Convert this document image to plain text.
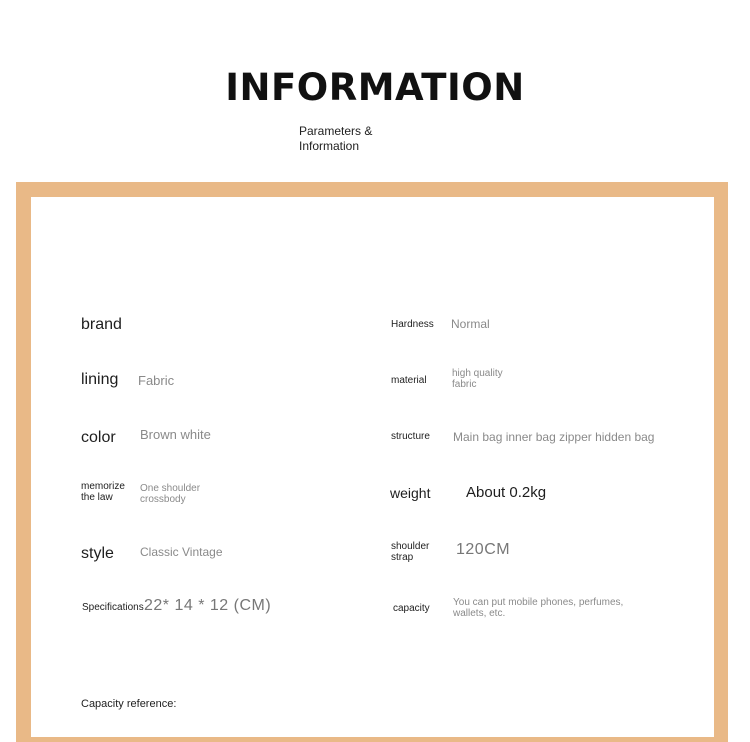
INFORMATION
Parameters &
Information
brand
lining Fabric
color Brown white
memorize
the law
One shoulder
crossbody
style Classic Vintage
Specifications 22* 14 * 12 (CM)
Hardness Normal
material
high quality
fabric
structure Main bag inner bag zipper hidden bag
weight About 0.2kg
shoulder
strap	120CM
capacity
You can put mobile phones, perfumes,
wallets, etc.
Capacity reference:
